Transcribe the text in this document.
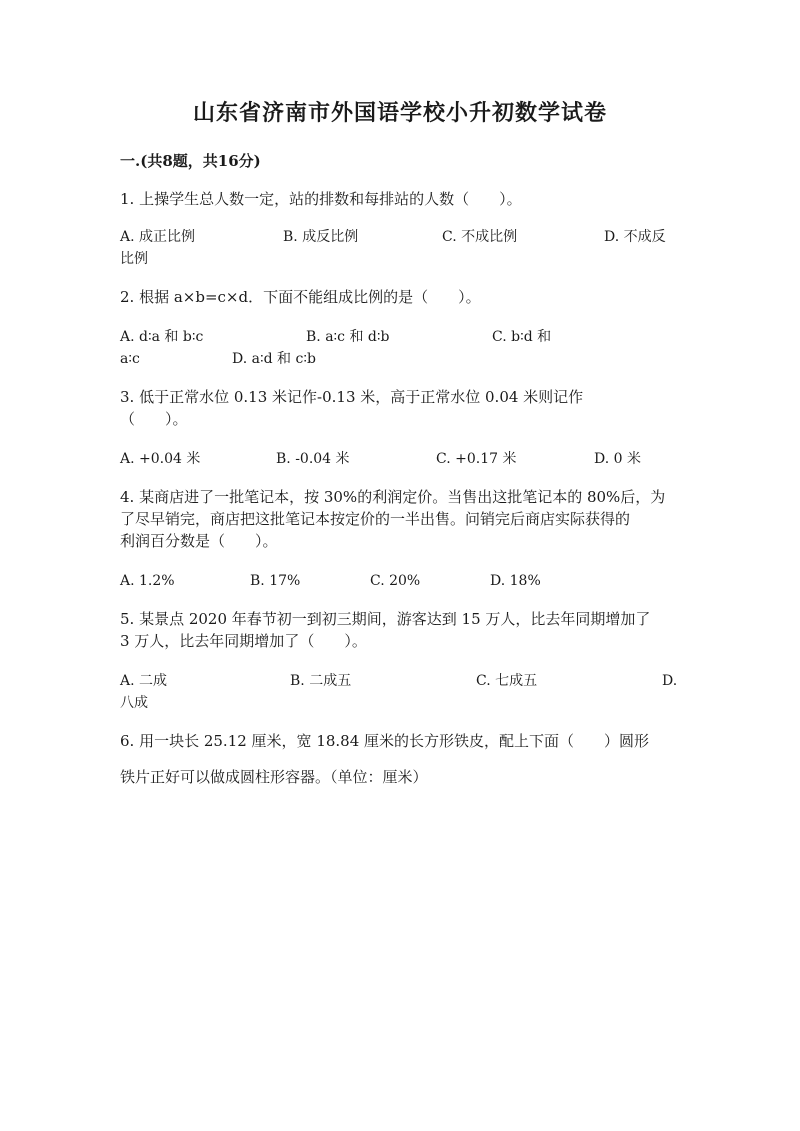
山东省济南市外国语学校小升初数学试卷
一.(共8题，共16分)
1. 上操学生总人数一定，站的排数和每排站的人数（　　）。
A. 成正比例	B. 成反比例	C. 不成比例	D. 不成反
比例
2. 根据 a×b=c×d．下面不能组成比例的是（　　）。
A. d∶a 和 b∶c	B. a∶c 和 d∶b	C. b∶d 和
a∶c	D. a∶d 和 c∶b
3. 低于正常水位 0.13 米记作-0.13 米，高于正常水位 0.04 米则记作
（　　）。
A. +0.04 米	B. -0.04 米	C. +0.17 米	D. 0 米
4. 某商店进了一批笔记本，按 30%的利润定价。当售出这批笔记本的 80%后，为
了尽早销完，商店把这批笔记本按定价的一半出售。问销完后商店实际获得的
利润百分数是（　　）。
A. 1.2%	B. 17%	C. 20%	D. 18%
5. 某景点 2020 年春节初一到初三期间，游客达到 15 万人，比去年同期增加了
3 万人，比去年同期增加了（　　）。
A. 二成	B. 二成五	C. 七成五	D.
八成
6. 用一块长 25.12 厘米，宽 18.84 厘米的长方形铁皮，配上下面（　　）圆形
铁片正好可以做成圆柱形容器。（单位：厘米）
